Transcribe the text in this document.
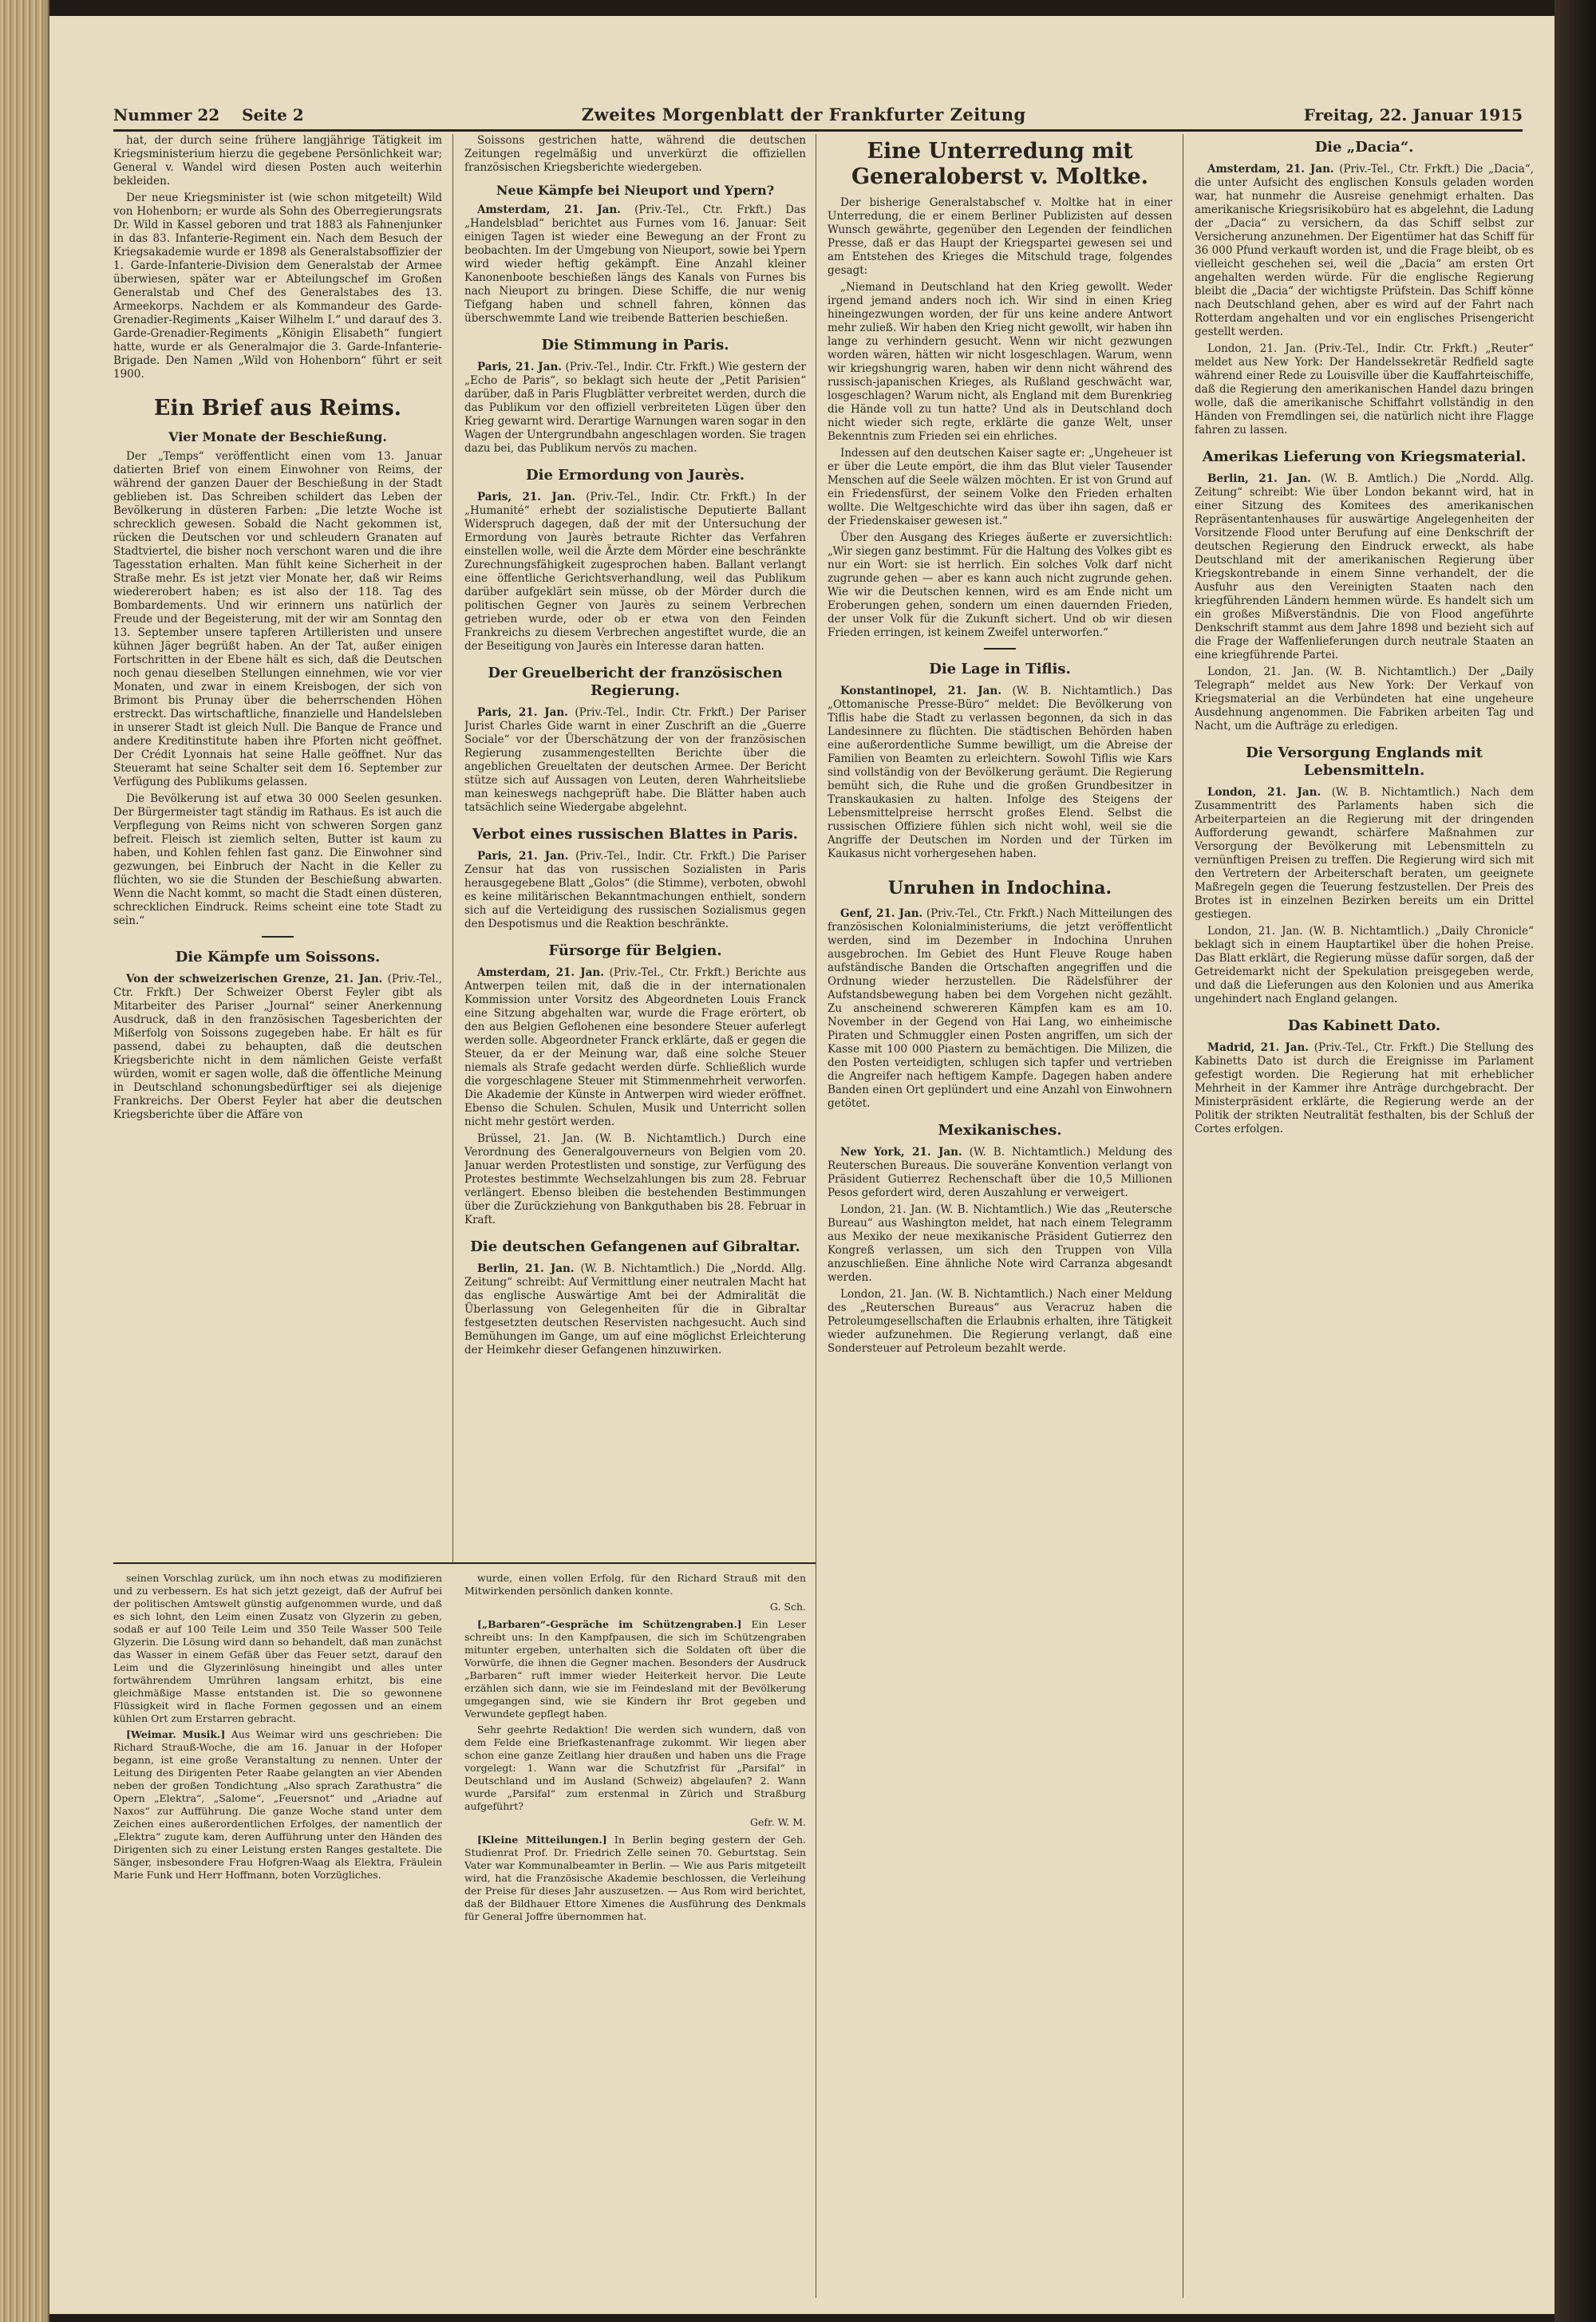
Nummer 22 Seite 2	Zweites Morgenblatt der Frankfurter Zeitung	Freitag, 22. Januar 1915

hat, der durch seine frühere langjährige Tätigkeit im Kriegsministerium hierzu die gegebene Persönlichkeit war; General v. Wandel wird diesen Posten auch weiterhin bekleiden.

Der neue Kriegsminister ist (wie schon mitgeteilt) Wild von Hohenborn; er wurde als Sohn des Oberregierungsrats Dr. Wild in Kassel geboren und trat 1883 als Fahnenjunker in das 83. Infanterie-Regiment ein. Nach dem Besuch der Kriegsakademie wurde er 1898 als Generalstabsoffizier der 1. Garde-Infanterie-Division dem Generalstab der Armee überwiesen, später war er Abteilungschef im Großen Generalstab und Chef des Generalstabes des 13. Armeekorps. Nachdem er als Kommandeur des Garde-Grenadier-Regiments „Kaiser Wilhelm I.“ und darauf des 3. Garde-Grenadier-Regiments „Königin Elisabeth“ fungiert hatte, wurde er als Generalmajor die 3. Garde-Infanterie-Brigade. Den Namen „Wild von Hohenborn“ führt er seit 1900.

Ein Brief aus Reims.
Vier Monate der Beschießung.

Der „Temps“ veröffentlicht einen vom 13. Januar datierten Brief von einem Einwohner von Reims, der während der ganzen Dauer der Beschießung in der Stadt geblieben ist. Das Schreiben schildert das Leben der Bevölkerung in düsteren Farben: „Die letzte Woche ist schrecklich gewesen. Sobald die Nacht gekommen ist, rücken die Deutschen vor und schleudern Granaten auf Stadtviertel, die bisher noch verschont waren und die ihre Tagesstation erhalten. Man fühlt keine Sicherheit in der Straße mehr. Es ist jetzt vier Monate her, daß wir Reims wiedererobert haben; es ist also der 118. Tag des Bombardements. Und wir erinnern uns natürlich der Freude und der Begeisterung, mit der wir am Sonntag den 13. September unsere tapferen Artilleristen und unsere kühnen Jäger begrüßt haben. An der Tat, außer einigen Fortschritten in der Ebene hält es sich, daß die Deutschen noch genau dieselben Stellungen einnehmen, wie vor vier Monaten, und zwar in einem Kreisbogen, der sich von Brimont bis Prunay über die beherrschenden Höhen erstreckt. Das wirtschaftliche, finanzielle und Handelsleben in unserer Stadt ist gleich Null. Die Banque de France und andere Kreditinstitute haben ihre Pforten nicht geöffnet. Der Crédit Lyonnais hat seine Halle geöffnet. Nur das Steueramt hat seine Schalter seit dem 16. September zur Verfügung des Publikums gelassen.

Die Bevölkerung ist auf etwa 30 000 Seelen gesunken. Der Bürgermeister tagt ständig im Rathaus. Es ist auch die Verpflegung von Reims nicht von schweren Sorgen ganz befreit. Fleisch ist ziemlich selten, Butter ist kaum zu haben, und Kohlen fehlen fast ganz. Die Einwohner sind gezwungen, bei Einbruch der Nacht in die Keller zu flüchten, wo sie die Stunden der Beschießung abwarten. Wenn die Nacht kommt, so macht die Stadt einen düsteren, schrecklichen Eindruck. Reims scheint eine tote Stadt zu sein.“

Die Kämpfe um Soissons.

Von der schweizerischen Grenze, 21. Jan. (Priv.-Tel., Ctr. Frkft.) Der Schweizer Oberst Feyler gibt als Mitarbeiter des Pariser „Journal“ seiner Anerkennung Ausdruck, daß in den französischen Tagesberichten der Mißerfolg von Soissons zugegeben habe. Er hält es für passend, dabei zu behaupten, daß die deutschen Kriegsberichte nicht in dem nämlichen Geiste verfaßt würden, womit er sagen wolle, daß die öffentliche Meinung in Deutschland schonungsbedürftiger sei als diejenige Frankreichs. Der Oberst Feyler hat aber die deutschen Kriegsberichte über die Affäre von

Soissons gestrichen hatte, während die deutschen Zeitungen regelmäßig und unverkürzt die offiziellen französischen Kriegsberichte wiedergeben.

Neue Kämpfe bei Nieuport und Ypern?

Amsterdam, 21. Jan. (Priv.-Tel., Ctr. Frkft.) Das „Handelsblad“ berichtet aus Furnes vom 16. Januar: Seit einigen Tagen ist wieder eine Bewegung an der Front zu beobachten. Im der Umgebung von Nieuport, sowie bei Ypern wird wieder heftig gekämpft. Eine Anzahl kleiner Kanonenboote beschießen längs des Kanals von Furnes bis nach Nieuport zu bringen. Diese Schiffe, die nur wenig Tiefgang haben und schnell fahren, können das überschwemmte Land wie treibende Batterien beschießen.

Die Stimmung in Paris.

Paris, 21. Jan. (Priv.-Tel., Indir. Ctr. Frkft.) Wie gestern der „Echo de Paris“, so beklagt sich heute der „Petit Parisien“ darüber, daß in Paris Flugblätter verbreitet werden, durch die das Publikum vor den offiziell verbreiteten Lügen über den Krieg gewarnt wird. Derartige Warnungen waren sogar in den Wagen der Untergrundbahn angeschlagen worden. Sie tragen dazu bei, das Publikum nervös zu machen.

Die Ermordung von Jaurès.

Paris, 21. Jan. (Priv.-Tel., Indir. Ctr. Frkft.) In der „Humanité“ erhebt der sozialistische Deputierte Ballant Widerspruch dagegen, daß der mit der Untersuchung der Ermordung von Jaurès betraute Richter das Verfahren einstellen wolle, weil die Ärzte dem Mörder eine beschränkte Zurechnungsfähigkeit zugesprochen haben. Ballant verlangt eine öffentliche Gerichtsverhandlung, weil das Publikum darüber aufgeklärt sein müsse, ob der Mörder durch die politischen Gegner von Jaurès zu seinem Verbrechen getrieben wurde, oder ob er etwa von den Feinden Frankreichs zu diesem Verbrechen angestiftet wurde, die an der Beseitigung von Jaurès ein Interesse daran hatten.

Der Greuelbericht der französischen Regierung.

Paris, 21. Jan. (Priv.-Tel., Indir. Ctr. Frkft.) Der Pariser Jurist Charles Gide warnt in einer Zuschrift an die „Guerre Sociale“ vor der Überschätzung der von der französischen Regierung zusammengestellten Berichte über die angeblichen Greueltaten der deutschen Armee. Der Bericht stütze sich auf Aussagen von Leuten, deren Wahrheitsliebe man keineswegs nachgeprüft habe. Die Blätter haben auch tatsächlich seine Wiedergabe abgelehnt.

Verbot eines russischen Blattes in Paris.

Paris, 21. Jan. (Priv.-Tel., Indir. Ctr. Frkft.) Die Pariser Zensur hat das von russischen Sozialisten in Paris herausgegebene Blatt „Golos“ (die Stimme), verboten, obwohl es keine militärischen Bekanntmachungen enthielt, sondern sich auf die Verteidigung des russischen Sozialismus gegen den Despotismus und die Reaktion beschränkte.

Fürsorge für Belgien.

Amsterdam, 21. Jan. (Priv.-Tel., Ctr. Frkft.) Berichte aus Antwerpen teilen mit, daß die in der internationalen Kommission unter Vorsitz des Abgeordneten Louis Franck eine Sitzung abgehalten war, wurde die Frage erörtert, ob den aus Belgien Geflohenen eine besondere Steuer auferlegt werden solle. Abgeordneter Franck erklärte, daß er gegen die Steuer, da er der Meinung war, daß eine solche Steuer niemals als Strafe gedacht werden dürfe. Schließlich wurde die vorgeschlagene Steuer mit Stimmenmehrheit verworfen. Die Akademie der Künste in Antwerpen wird wieder eröffnet. Ebenso die Schulen. Schulen, Musik und Unterricht sollen nicht mehr gestört werden.

Brüssel, 21. Jan. (W. B. Nichtamtlich.) Durch eine Verordnung des Generalgouverneurs von Belgien vom 20. Januar werden Protestlisten und sonstige, zur Verfügung des Protestes bestimmte Wechselzahlungen bis zum 28. Februar verlängert. Ebenso bleiben die bestehenden Bestimmungen über die Zurückziehung von Bankguthaben bis 28. Februar in Kraft.

Die deutschen Gefangenen auf Gibraltar.

Berlin, 21. Jan. (W. B. Nichtamtlich.) Die „Nordd. Allg. Zeitung“ schreibt: Auf Vermittlung einer neutralen Macht hat das englische Auswärtige Amt bei der Admiralität die Überlassung von Gelegenheiten für die in Gibraltar festgesetzten deutschen Reservisten nachgesucht. Auch sind Bemühungen im Gange, um auf eine möglichst Erleichterung der Heimkehr dieser Gefangenen hinzuwirken.

Eine Unterredung mit Generaloberst v. Moltke.

Der bisherige Generalstabschef v. Moltke hat in einer Unterredung, die er einem Berliner Publizisten auf dessen Wunsch gewährte, gegenüber den Legenden der feindlichen Presse, daß er das Haupt der Kriegspartei gewesen sei und am Entstehen des Krieges die Mitschuld trage, folgendes gesagt:

„Niemand in Deutschland hat den Krieg gewollt. Weder irgend jemand anders noch ich. Wir sind in einen Krieg hineingezwungen worden, der für uns keine andere Antwort mehr zuließ. Wir haben den Krieg nicht gewollt, wir haben ihn lange zu verhindern gesucht. Wenn wir nicht gezwungen worden wären, hätten wir nicht losgeschlagen. Warum, wenn wir kriegshungrig waren, haben wir denn nicht während des russisch-japanischen Krieges, als Rußland geschwächt war, losgeschlagen? Warum nicht, als England mit dem Burenkrieg die Hände voll zu tun hatte? Und als in Deutschland doch nicht wieder sich regte, erklärte die ganze Welt, unser Bekenntnis zum Frieden sei ein ehrliches.

Indessen auf den deutschen Kaiser sagte er: „Ungeheuer ist er über die Leute empört, die ihm das Blut vieler Tausender Menschen auf die Seele wälzen möchten. Er ist von Grund auf ein Friedensfürst, der seinem Volke den Frieden erhalten wollte. Die Weltgeschichte wird das über ihn sagen, daß er der Friedenskaiser gewesen ist.“

Über den Ausgang des Krieges äußerte er zuversichtlich: „Wir siegen ganz bestimmt. Für die Haltung des Volkes gibt es nur ein Wort: sie ist herrlich. Ein solches Volk darf nicht zugrunde gehen — aber es kann auch nicht zugrunde gehen. Wie wir die Deutschen kennen, wird es am Ende nicht um Eroberungen gehen, sondern um einen dauernden Frieden, der unser Volk für die Zukunft sichert. Und ob wir diesen Frieden erringen, ist keinem Zweifel unterworfen.“

Die Lage in Tiflis.

Konstantinopel, 21. Jan. (W. B. Nichtamtlich.) Das „Ottomanische Presse-Büro“ meldet: Die Bevölkerung von Tiflis habe die Stadt zu verlassen begonnen, da sich in das Landesinnere zu flüchten. Die städtischen Behörden haben eine außerordentliche Summe bewilligt, um die Abreise der Familien von Beamten zu erleichtern. Sowohl Tiflis wie Kars sind vollständig von der Bevölkerung geräumt. Die Regierung bemüht sich, die Ruhe und die großen Grundbesitzer in Transkaukasien zu halten. Infolge des Steigens der Lebensmittelpreise herrscht großes Elend. Selbst die russischen Offiziere fühlen sich nicht wohl, weil sie die Angriffe der Deutschen im Norden und der Türken im Kaukasus nicht vorhergesehen haben.

Unruhen in Indochina.

Genf, 21. Jan. (Priv.-Tel., Ctr. Frkft.) Nach Mitteilungen des französischen Kolonialministeriums, die jetzt veröffentlicht werden, sind im Dezember in Indochina Unruhen ausgebrochen. Im Gebiet des Hunt Fleuve Rouge haben aufständische Banden die Ortschaften angegriffen und die Ordnung wieder herzustellen. Die Rädelsführer der Aufstandsbewegung haben bei dem Vorgehen nicht gezählt. Zu anscheinend schwereren Kämpfen kam es am 10. November in der Gegend von Hai Lang, wo einheimische Piraten und Schmuggler einen Posten angriffen, um sich der Kasse mit 100 000 Piastern zu bemächtigen. Die Milizen, die den Posten verteidigten, schlugen sich tapfer und vertrieben die Angreifer nach heftigem Kampfe. Dagegen haben andere Banden einen Ort geplündert und eine Anzahl von Einwohnern getötet.

Mexikanisches.

New York, 21. Jan. (W. B. Nichtamtlich.) Meldung des Reuterschen Bureaus. Die souveräne Konvention verlangt von Präsident Gutierrez Rechenschaft über die 10,5 Millionen Pesos gefordert wird, deren Auszahlung er verweigert.

London, 21. Jan. (W. B. Nichtamtlich.) Wie das „Reutersche Bureau“ aus Washington meldet, hat nach einem Telegramm aus Mexiko der neue mexikanische Präsident Gutierrez den Kongreß verlassen, um sich den Truppen von Villa anzuschließen. Eine ähnliche Note wird Carranza abgesandt werden.

London, 21. Jan. (W. B. Nichtamtlich.) Nach einer Meldung des „Reuterschen Bureaus“ aus Veracruz haben die Petroleumgesellschaften die Erlaubnis erhalten, ihre Tätigkeit wieder aufzunehmen. Die Regierung verlangt, daß eine Sondersteuer auf Petroleum bezahlt werde.

Die „Dacia“.

Amsterdam, 21. Jan. (Priv.-Tel., Ctr. Frkft.) Die „Dacia“, die unter Aufsicht des englischen Konsuls geladen worden war, hat nunmehr die Ausreise genehmigt erhalten. Das amerikanische Kriegsrisikobüro hat es abgelehnt, die Ladung der „Dacia“ zu versichern, da das Schiff selbst zur Versicherung anzunehmen. Der Eigentümer hat das Schiff für 36 000 Pfund verkauft worden ist, und die Frage bleibt, ob es vielleicht geschehen sei, weil die „Dacia“ am ersten Ort angehalten werden würde. Für die englische Regierung bleibt die „Dacia“ der wichtigste Prüfstein. Das Schiff könne nach Deutschland gehen, aber es wird auf der Fahrt nach Rotterdam angehalten und vor ein englisches Prisengericht gestellt werden.

London, 21. Jan. (Priv.-Tel., Indir. Ctr. Frkft.) „Reuter“ meldet aus New York: Der Handelssekretär Redfield sagte während einer Rede zu Louisville über die Kauffahrteischiffe, daß die Regierung den amerikanischen Handel dazu bringen wolle, daß die amerikanische Schiffahrt vollständig in den Händen von Fremdlingen sei, die natürlich nicht ihre Flagge fahren zu lassen.

Amerikas Lieferung von Kriegsmaterial.

Berlin, 21. Jan. (W. B. Amtlich.) Die „Nordd. Allg. Zeitung“ schreibt: Wie über London bekannt wird, hat in einer Sitzung des Komitees des amerikanischen Repräsentantenhauses für auswärtige Angelegenheiten der Vorsitzende Flood unter Berufung auf eine Denkschrift der deutschen Regierung den Eindruck erweckt, als habe Deutschland mit der amerikanischen Regierung über Kriegskontrebande in einem Sinne verhandelt, der die Ausfuhr aus den Vereinigten Staaten nach den kriegführenden Ländern hemmen würde. Es handelt sich um ein großes Mißverständnis. Die von Flood angeführte Denkschrift stammt aus dem Jahre 1898 und bezieht sich auf die Frage der Waffenlieferungen durch neutrale Staaten an eine kriegführende Partei.

London, 21. Jan. (W. B. Nichtamtlich.) Der „Daily Telegraph“ meldet aus New York: Der Verkauf von Kriegsmaterial an die Verbündeten hat eine ungeheure Ausdehnung angenommen. Die Fabriken arbeiten Tag und Nacht, um die Aufträge zu erledigen.

Die Versorgung Englands mit Lebensmitteln.

London, 21. Jan. (W. B. Nichtamtlich.) Nach dem Zusammentritt des Parlaments haben sich die Arbeiterparteien an die Regierung mit der dringenden Aufforderung gewandt, schärfere Maßnahmen zur Versorgung der Bevölkerung mit Lebensmitteln zu vernünftigen Preisen zu treffen. Die Regierung wird sich mit den Vertretern der Arbeiterschaft beraten, um geeignete Maßregeln gegen die Teuerung festzustellen. Der Preis des Brotes ist in einzelnen Bezirken bereits um ein Drittel gestiegen.

London, 21. Jan. (W. B. Nichtamtlich.) „Daily Chronicle“ beklagt sich in einem Hauptartikel über die hohen Preise. Das Blatt erklärt, die Regierung müsse dafür sorgen, daß der Getreidemarkt nicht der Spekulation preisgegeben werde, und daß die Lieferungen aus den Kolonien und aus Amerika ungehindert nach England gelangen.

Das Kabinett Dato.

Madrid, 21. Jan. (Priv.-Tel., Ctr. Frkft.) Die Stellung des Kabinetts Dato ist durch die Ereignisse im Parlament gefestigt worden. Die Regierung hat mit erheblicher Mehrheit in der Kammer ihre Anträge durchgebracht. Der Ministerpräsident erklärte, die Regierung werde an der Politik der strikten Neutralität festhalten, bis der Schluß der Cortes erfolgen.

seinen Vorschlag zurück, um ihn noch etwas zu modifizieren und zu verbessern. Es hat sich jetzt gezeigt, daß der Aufruf bei der politischen Amtswelt günstig aufgenommen wurde, und daß es sich lohnt, den Leim einen Zusatz von Glyzerin zu geben, sodaß er auf 100 Teile Leim und 350 Teile Wasser 500 Teile Glyzerin. Die Lösung wird dann so behandelt, daß man zunächst das Wasser in einem Gefäß über das Feuer setzt, darauf den Leim und die Glyzerinlösung hineingibt und alles unter fortwährendem Umrühren langsam erhitzt, bis eine gleichmäßige Masse entstanden ist. Die so gewonnene Flüssigkeit wird in flache Formen gegossen und an einem kühlen Ort zum Erstarren gebracht.

[Weimar. Musik.] Aus Weimar wird uns geschrieben: Die Richard Strauß-Woche, die am 16. Januar in der Hofoper begann, ist eine große Veranstaltung zu nennen. Unter der Leitung des Dirigenten Peter Raabe gelangten an vier Abenden neben der großen Tondichtung „Also sprach Zarathustra“ die Opern „Elektra“, „Salome“, „Feuersnot“ und „Ariadne auf Naxos“ zur Aufführung. Die ganze Woche stand unter dem Zeichen eines außerordentlichen Erfolges, der namentlich der „Elektra“ zugute kam, deren Aufführung unter den Händen des Dirigenten sich zu einer Leistung ersten Ranges gestaltete. Die Sänger, insbesondere Frau Hofgren-Waag als Elektra, Fräulein Marie Funk und Herr Hoffmann, boten Vorzügliches.

wurde, einen vollen Erfolg, für den Richard Strauß mit den Mitwirkenden persönlich danken konnte.

G. Sch.

[„Barbaren“-Gespräche im Schützengraben.] Ein Leser schreibt uns: In den Kampfpausen, die sich im Schützengraben mitunter ergeben, unterhalten sich die Soldaten oft über die Vorwürfe, die ihnen die Gegner machen. Besonders der Ausdruck „Barbaren“ ruft immer wieder Heiterkeit hervor. Die Leute erzählen sich dann, wie sie im Feindesland mit der Bevölkerung umgegangen sind, wie sie Kindern ihr Brot gegeben und Verwundete gepflegt haben.

Sehr geehrte Redaktion! Die werden sich wundern, daß von dem Felde eine Briefkastenanfrage zukommt. Wir liegen aber schon eine ganze Zeitlang hier draußen und haben uns die Frage vorgelegt: 1. Wann war die Schutzfrist für „Parsifal“ in Deutschland und im Ausland (Schweiz) abgelaufen? 2. Wann wurde „Parsifal“ zum erstenmal in Zürich und Straßburg aufgeführt?

Gefr. W. M.

[Kleine Mitteilungen.] In Berlin beging gestern der Geh. Studienrat Prof. Dr. Friedrich Zelle seinen 70. Geburtstag. Sein Vater war Kommunalbeamter in Berlin. — Wie aus Paris mitgeteilt wird, hat die Französische Akademie beschlossen, die Verleihung der Preise für dieses Jahr auszusetzen. — Aus Rom wird berichtet, daß der Bildhauer Ettore Ximenes die Ausführung des Denkmals für General Joffre übernommen hat.
